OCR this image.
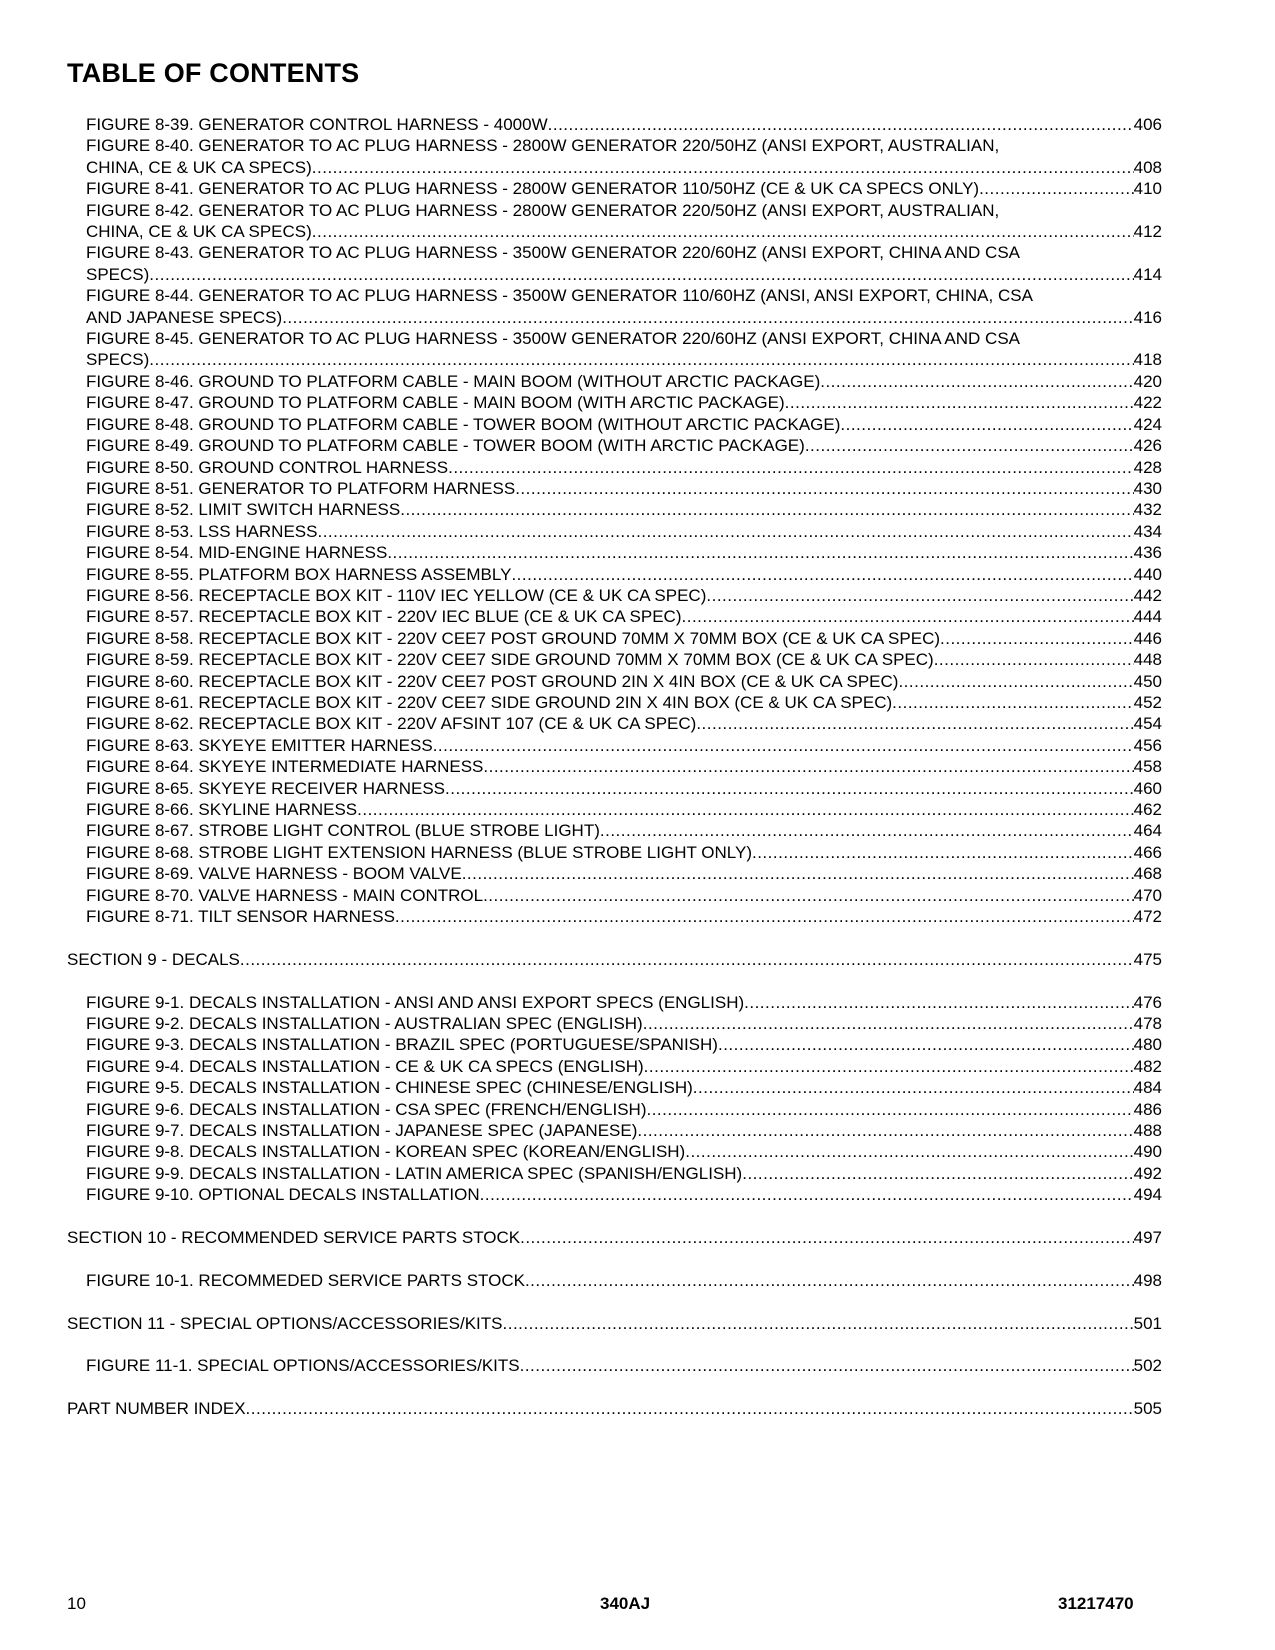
TABLE OF CONTENTS
FIGURE 8-39. GENERATOR CONTROL HARNESS - 4000W .....	406
FIGURE 8-40. GENERATOR TO AC PLUG HARNESS - 2800W GENERATOR 220/50HZ (ANSI EXPORT, AUSTRALIAN,
CHINA, CE & UK CA SPECS) .....	408
FIGURE 8-41. GENERATOR TO AC PLUG HARNESS - 2800W GENERATOR 110/50HZ (CE & UK CA SPECS ONLY) .....	410
FIGURE 8-42. GENERATOR TO AC PLUG HARNESS - 2800W GENERATOR 220/50HZ (ANSI EXPORT, AUSTRALIAN,
CHINA, CE & UK CA SPECS) .....	412
FIGURE 8-43. GENERATOR TO AC PLUG HARNESS - 3500W GENERATOR 220/60HZ (ANSI EXPORT, CHINA AND CSA
SPECS) .....	414
FIGURE 8-44. GENERATOR TO AC PLUG HARNESS - 3500W GENERATOR 110/60HZ (ANSI, ANSI EXPORT, CHINA, CSA
AND JAPANESE SPECS) .....	416
FIGURE 8-45. GENERATOR TO AC PLUG HARNESS - 3500W GENERATOR 220/60HZ (ANSI EXPORT, CHINA AND CSA
SPECS) .....	418
FIGURE 8-46. GROUND TO PLATFORM CABLE - MAIN BOOM (WITHOUT ARCTIC PACKAGE) .....	420
FIGURE 8-47. GROUND TO PLATFORM CABLE - MAIN BOOM (WITH ARCTIC PACKAGE) .....	422
FIGURE 8-48. GROUND TO PLATFORM CABLE - TOWER BOOM (WITHOUT ARCTIC PACKAGE) .....	424
FIGURE 8-49. GROUND TO PLATFORM CABLE - TOWER BOOM (WITH ARCTIC PACKAGE) .....	426
FIGURE 8-50. GROUND CONTROL HARNESS .....	428
FIGURE 8-51. GENERATOR TO PLATFORM HARNESS .....	430
FIGURE 8-52. LIMIT SWITCH HARNESS .....	432
FIGURE 8-53. LSS HARNESS .....	434
FIGURE 8-54. MID-ENGINE HARNESS .....	436
FIGURE 8-55. PLATFORM BOX HARNESS ASSEMBLY .....	440
FIGURE 8-56. RECEPTACLE BOX KIT - 110V IEC YELLOW (CE & UK CA SPEC) .....	442
FIGURE 8-57. RECEPTACLE BOX KIT - 220V IEC BLUE (CE & UK CA SPEC) .....	444
FIGURE 8-58. RECEPTACLE BOX KIT - 220V CEE7 POST GROUND 70MM X 70MM BOX (CE & UK CA SPEC) .....	446
FIGURE 8-59. RECEPTACLE BOX KIT - 220V CEE7 SIDE GROUND 70MM X 70MM BOX (CE & UK CA SPEC) .....	448
FIGURE 8-60. RECEPTACLE BOX KIT - 220V CEE7 POST GROUND 2IN X 4IN BOX (CE & UK CA SPEC) .....	450
FIGURE 8-61. RECEPTACLE BOX KIT - 220V CEE7 SIDE GROUND 2IN X 4IN BOX (CE & UK CA SPEC) .....	452
FIGURE 8-62. RECEPTACLE BOX KIT - 220V AFSINT 107 (CE & UK CA SPEC) .....	454
FIGURE 8-63. SKYEYE EMITTER HARNESS .....	456
FIGURE 8-64. SKYEYE INTERMEDIATE HARNESS .....	458
FIGURE 8-65. SKYEYE RECEIVER HARNESS .....	460
FIGURE 8-66. SKYLINE HARNESS .....	462
FIGURE 8-67. STROBE LIGHT CONTROL (BLUE STROBE LIGHT) .....	464
FIGURE 8-68. STROBE LIGHT EXTENSION HARNESS (BLUE STROBE LIGHT ONLY) .....	466
FIGURE 8-69. VALVE HARNESS - BOOM VALVE .....	468
FIGURE 8-70. VALVE HARNESS - MAIN CONTROL .....	470
FIGURE 8-71. TILT SENSOR HARNESS .....	472
SECTION 9 - DECALS .....	475
FIGURE 9-1. DECALS INSTALLATION - ANSI AND ANSI EXPORT SPECS (ENGLISH) .....	476
FIGURE 9-2. DECALS INSTALLATION - AUSTRALIAN SPEC (ENGLISH) .....	478
FIGURE 9-3. DECALS INSTALLATION - BRAZIL SPEC (PORTUGUESE/SPANISH) .....	480
FIGURE 9-4. DECALS INSTALLATION - CE & UK CA SPECS (ENGLISH) .....	482
FIGURE 9-5. DECALS INSTALLATION - CHINESE SPEC (CHINESE/ENGLISH) .....	484
FIGURE 9-6. DECALS INSTALLATION - CSA SPEC (FRENCH/ENGLISH) .....	486
FIGURE 9-7. DECALS INSTALLATION - JAPANESE SPEC (JAPANESE) .....	488
FIGURE 9-8. DECALS INSTALLATION - KOREAN SPEC (KOREAN/ENGLISH) .....	490
FIGURE 9-9. DECALS INSTALLATION - LATIN AMERICA SPEC (SPANISH/ENGLISH) .....	492
FIGURE 9-10. OPTIONAL DECALS INSTALLATION .....	494
SECTION 10 - RECOMMENDED SERVICE PARTS STOCK .....	497
FIGURE 10-1. RECOMMEDED SERVICE PARTS STOCK .....	498
SECTION 11 - SPECIAL OPTIONS/ACCESSORIES/KITS .....	501
FIGURE 11-1. SPECIAL OPTIONS/ACCESSORIES/KITS .....	502
PART NUMBER INDEX .....	505
10	340AJ	31217470
